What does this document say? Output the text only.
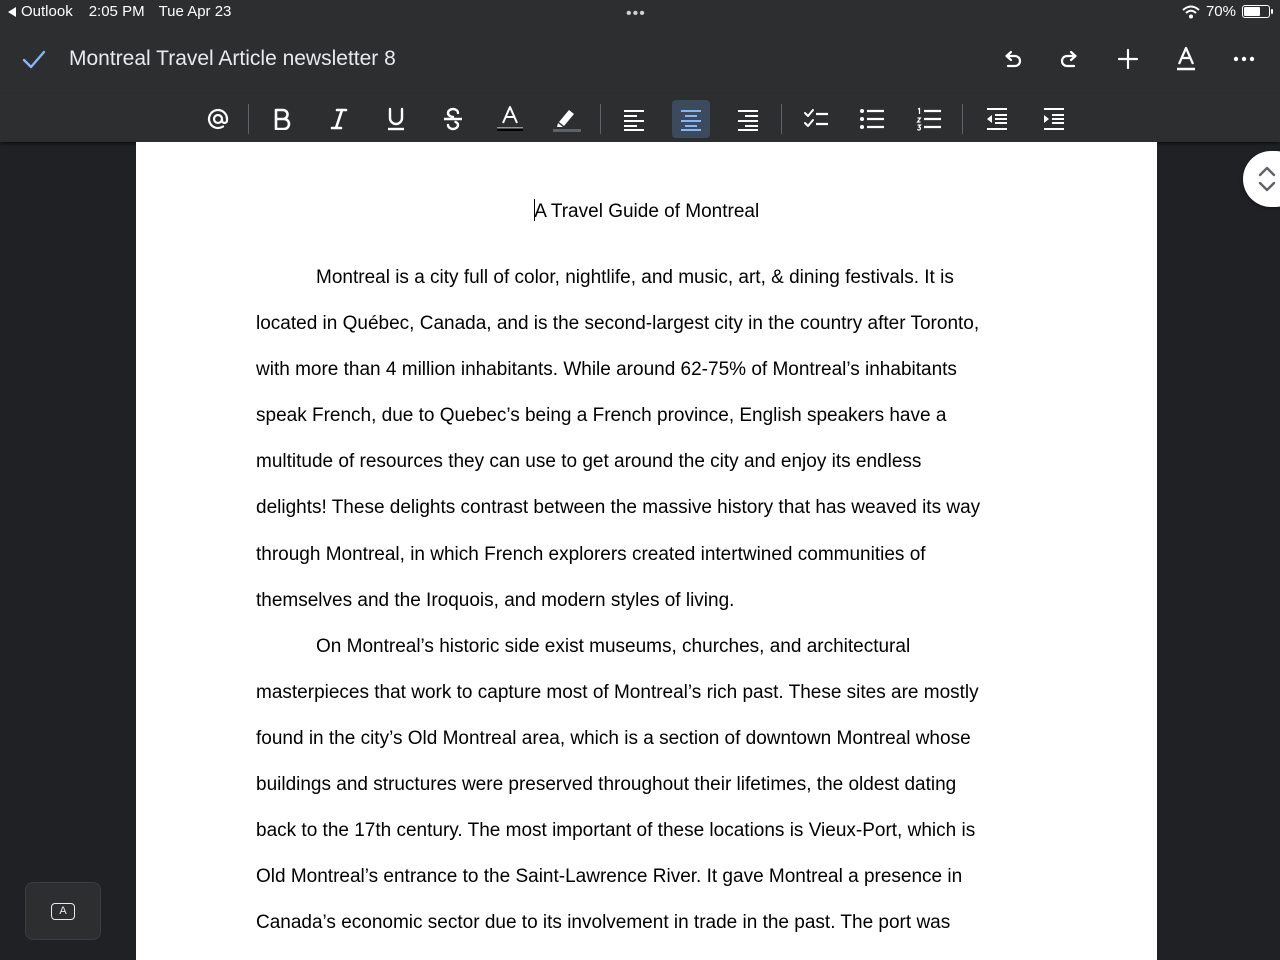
Outlook 2:05 PM Tue Apr 23	•••	70%
Montreal Travel Article newsletter 8
A Travel Guide of Montreal
Montreal is a city full of color, nightlife, and music, art, & dining festivals. It is
located in Québec, Canada, and is the second-largest city in the country after Toronto,
with more than 4 million inhabitants. While around 62-75% of Montreal’s inhabitants
speak French, due to Quebec’s being a French province, English speakers have a
multitude of resources they can use to get around the city and enjoy its endless
delights! These delights contrast between the massive history that has weaved its way
through Montreal, in which French explorers created intertwined communities of
themselves and the Iroquois, and modern styles of living.
On Montreal’s historic side exist museums, churches, and architectural
masterpieces that work to capture most of Montreal’s rich past. These sites are mostly
found in the city’s Old Montreal area, which is a section of downtown Montreal whose
buildings and structures were preserved throughout their lifetimes, the oldest dating
back to the 17th century. The most important of these locations is Vieux-Port, which is
Old Montreal’s entrance to the Saint-Lawrence River. It gave Montreal a presence in
Canada’s economic sector due to its involvement in trade in the past. The port was
A
